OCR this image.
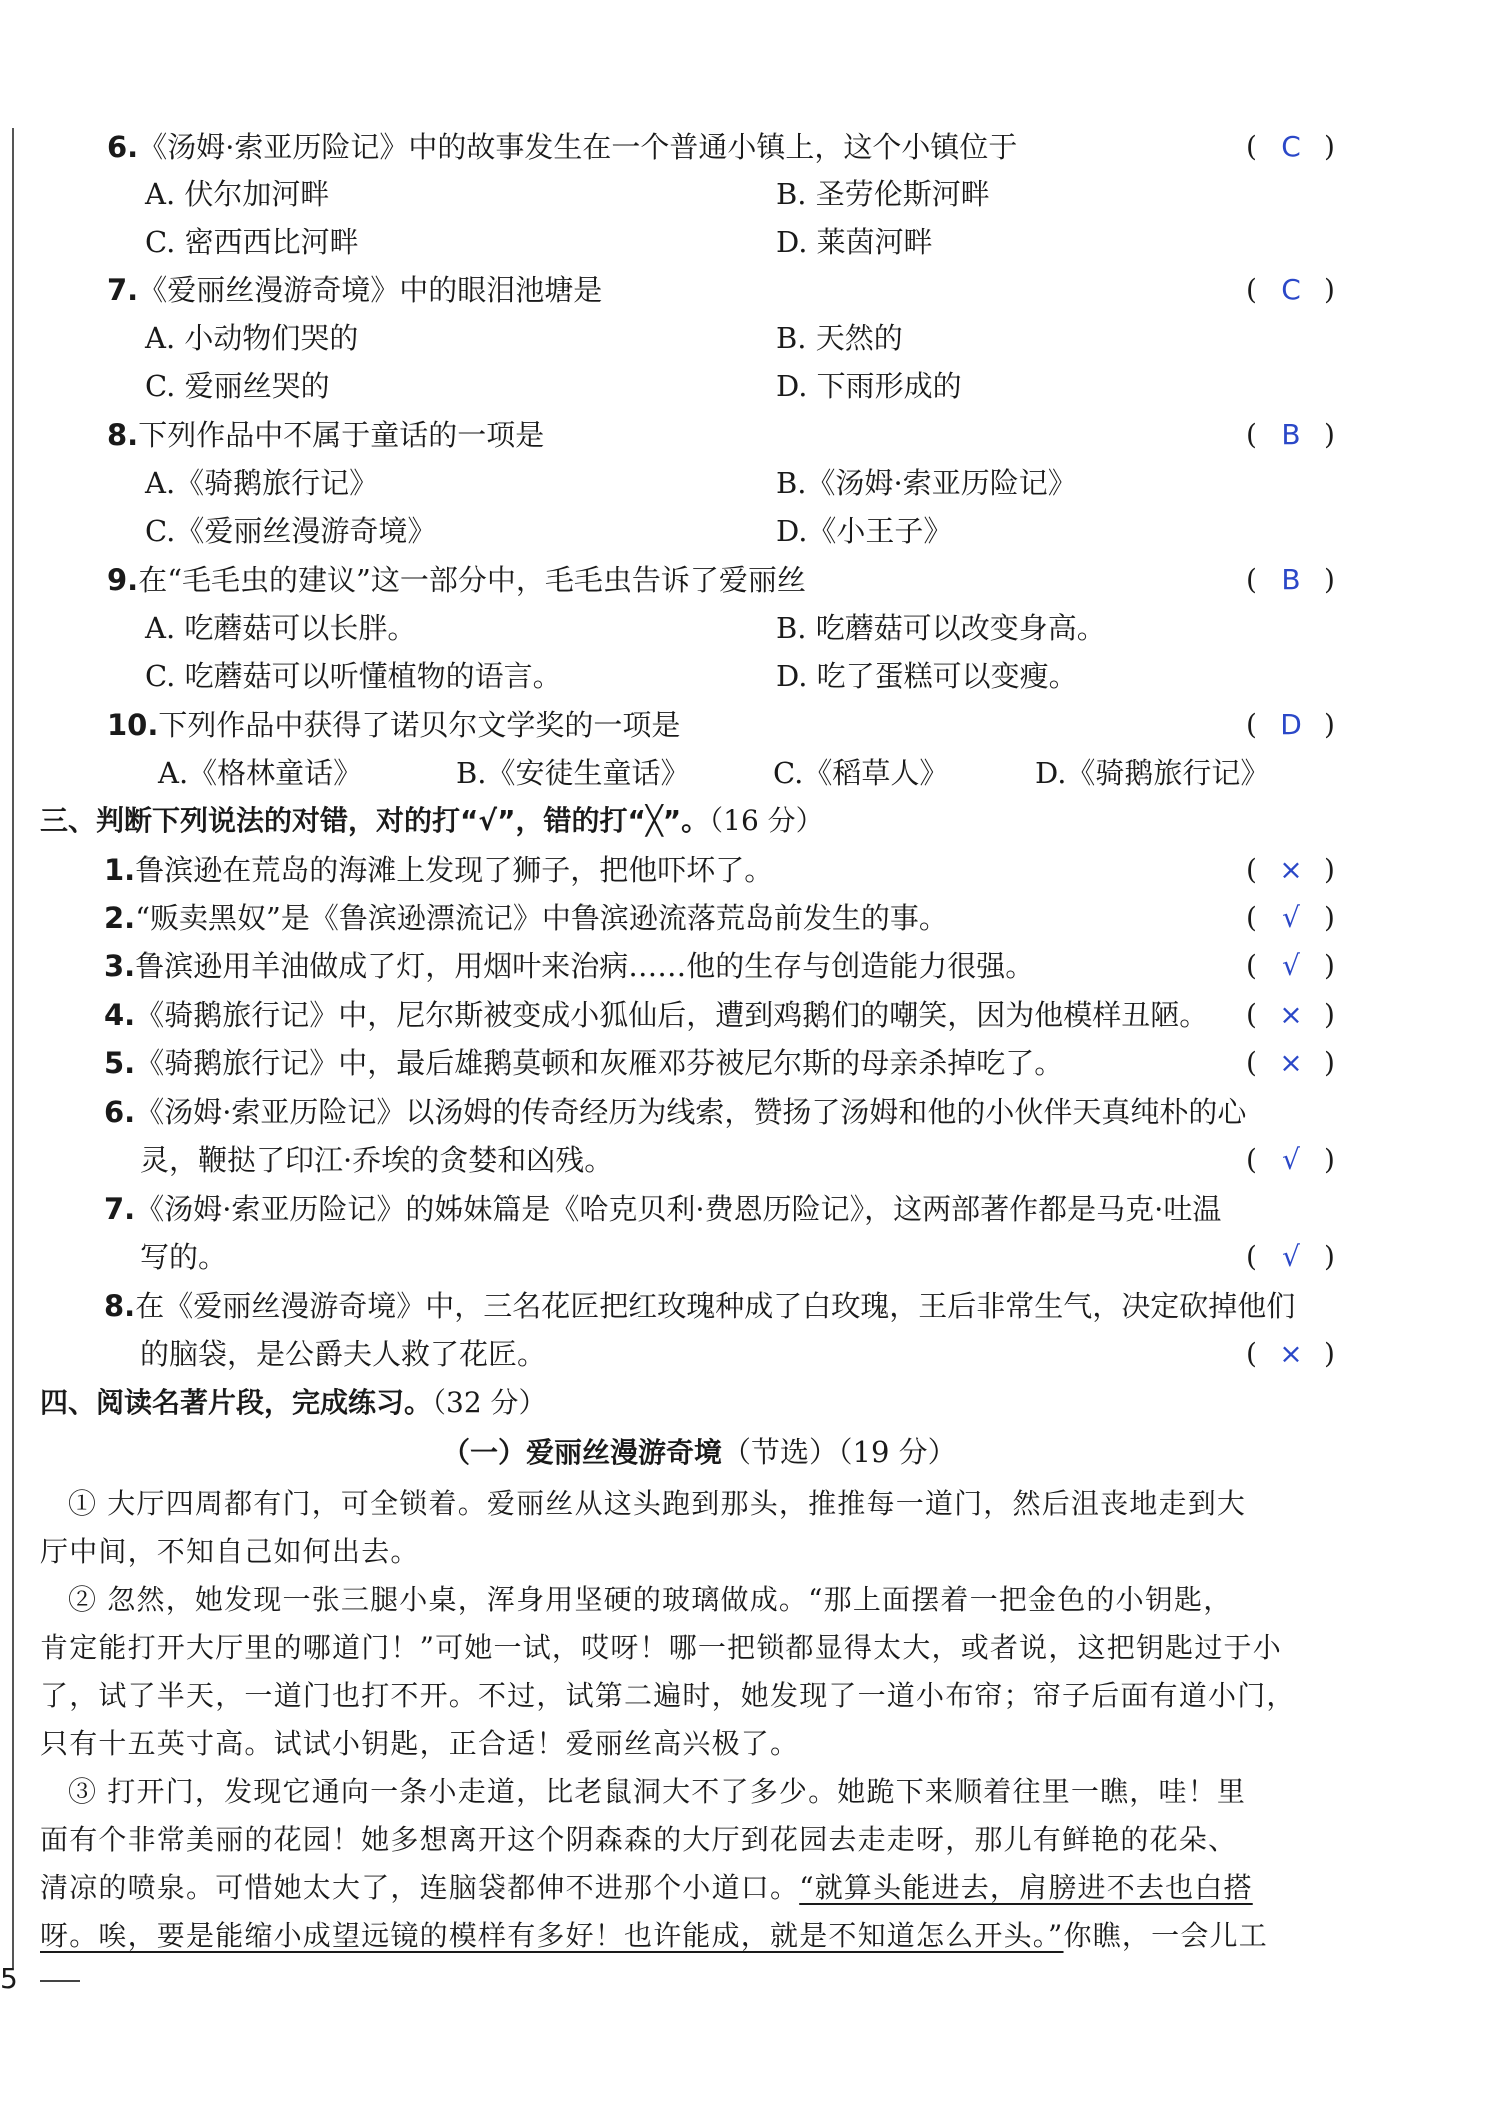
6.《汤姆·索亚历险记》中的故事发生在一个普通小镇上，这个小镇位于	( C )
A. 伏尔加河畔	B. 圣劳伦斯河畔
C. 密西西比河畔	D. 莱茵河畔
7.《爱丽丝漫游奇境》中的眼泪池塘是	( C )
A. 小动物们哭的	B. 天然的
C. 爱丽丝哭的	D. 下雨形成的
8.下列作品中不属于童话的一项是	( B )
A.《骑鹅旅行记》	B.《汤姆·索亚历险记》
C.《爱丽丝漫游奇境》	D.《小王子》
9.在“毛毛虫的建议”这一部分中，毛毛虫告诉了爱丽丝	( B )
A. 吃蘑菇可以长胖。	B. 吃蘑菇可以改变身高。
C. 吃蘑菇可以听懂植物的语言。	D. 吃了蛋糕可以变瘦。
10.下列作品中获得了诺贝尔文学奖的一项是	( D )
A.《格林童话》	B.《安徒生童话》	C.《稻草人》	D.《骑鹅旅行记》
三、判断下列说法的对错，对的打“√”，错的打“╳”。（16 分）
1.鲁滨逊在荒岛的海滩上发现了狮子，把他吓坏了。	( × )
2.“贩卖黑奴”是《鲁滨逊漂流记》中鲁滨逊流落荒岛前发生的事。	( √ )
3.鲁滨逊用羊油做成了灯，用烟叶来治病……他的生存与创造能力很强。	( √ )
4.《骑鹅旅行记》中，尼尔斯被变成小狐仙后，遭到鸡鹅们的嘲笑，因为他模样丑陋。 ( × )
5.《骑鹅旅行记》中，最后雄鹅莫顿和灰雁邓芬被尼尔斯的母亲杀掉吃了。	( × )
6.《汤姆·索亚历险记》以汤姆的传奇经历为线索，赞扬了汤姆和他的小伙伴天真纯朴的心
灵，鞭挞了印江·乔埃的贪婪和凶残。	( √ )
7.《汤姆·索亚历险记》的姊妹篇是《哈克贝利·费恩历险记》，这两部著作都是马克·吐温
写的。	( √ )
8.在《爱丽丝漫游奇境》中，三名花匠把红玫瑰种成了白玫瑰，王后非常生气，决定砍掉他们
的脑袋，是公爵夫人救了花匠。	( × )
四、阅读名著片段，完成练习。（32 分）
（一）爱丽丝漫游奇境（节选）（19 分）
① 大厅四周都有门，可全锁着。爱丽丝从这头跑到那头，推推每一道门，然后沮丧地走到大
厅中间，不知自己如何出去。
② 忽然，她发现一张三腿小桌，浑身用坚硬的玻璃做成。“那上面摆着一把金色的小钥匙，
肯定能打开大厅里的哪道门！”可她一试，哎呀！哪一把锁都显得太大，或者说，这把钥匙过于小
了，试了半天，一道门也打不开。不过，试第二遍时，她发现了一道小布帘；帘子后面有道小门，
只有十五英寸高。试试小钥匙，正合适！爱丽丝高兴极了。
③ 打开门，发现它通向一条小走道，比老鼠洞大不了多少。她跪下来顺着往里一瞧，哇！里
面有个非常美丽的花园！她多想离开这个阴森森的大厅到花园去走走呀，那儿有鲜艳的花朵、
清凉的喷泉。可惜她太大了，连脑袋都伸不进那个小道口。“就算头能进去，肩膀进不去也白搭
呀。唉，要是能缩小成望远镜的模样有多好！也许能成，就是不知道怎么开头。”你瞧，一会儿工
5
